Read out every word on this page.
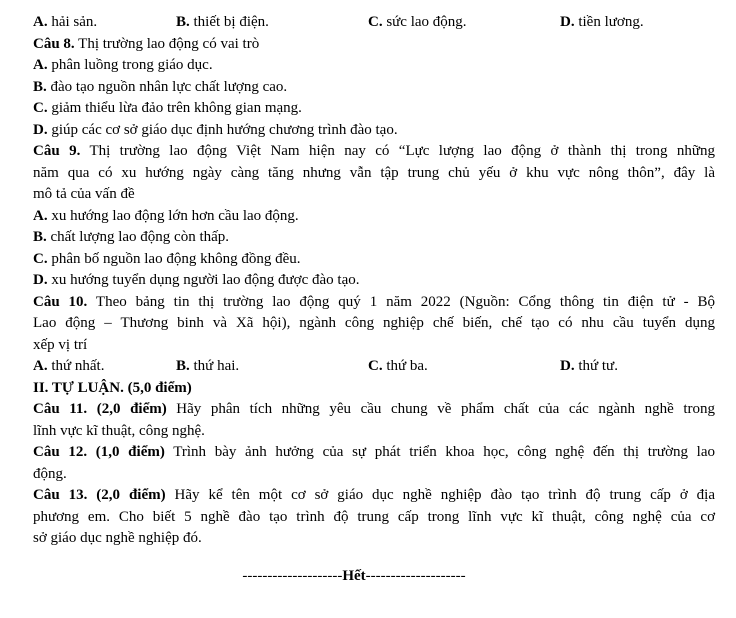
A. hải sản.	B. thiết bị điện.	C. sức lao động.	D. tiền lương.
Câu 8. Thị trường lao động có vai trò
A. phân luồng trong giáo dục.
B. đào tạo nguồn nhân lực chất lượng cao.
C. giảm thiểu lừa đảo trên không gian mạng.
D. giúp các cơ sở giáo dục định hướng chương trình đào tạo.
Câu 9. Thị trường lao động Việt Nam hiện nay có “Lực lượng lao động ở thành thị trong những
năm qua có xu hướng ngày càng tăng nhưng vẫn tập trung chủ yếu ở khu vực nông thôn”, đây là
mô tả của vấn đề
A. xu hướng lao động lớn hơn cầu lao động.
B. chất lượng lao động còn thấp.
C. phân bố nguồn lao động không đồng đều.
D. xu hướng tuyển dụng người lao động được đào tạo.
Câu 10. Theo bảng tin thị trường lao động quý 1 năm 2022 (Nguồn: Cổng thông tin điện tử - Bộ
Lao động – Thương binh và Xã hội), ngành công nghiệp chế biến, chế tạo có nhu cầu tuyển dụng
xếp vị trí
A. thứ nhất.	B. thứ hai.	C. thứ ba.	D. thứ tư.
II. TỰ LUẬN. (5,0 điểm)
Câu 11. (2,0 điểm) Hãy phân tích những yêu cầu chung về phẩm chất của các ngành nghề trong
lĩnh vực kĩ thuật, công nghệ.
Câu 12. (1,0 điểm) Trình bày ảnh hưởng của sự phát triển khoa học, công nghệ đến thị trường lao
động.
Câu 13. (2,0 điểm) Hãy kể tên một cơ sở giáo dục nghề nghiệp đào tạo trình độ trung cấp ở địa
phương em. Cho biết 5 nghề đào tạo trình độ trung cấp trong lĩnh vực kĩ thuật, công nghệ của cơ
sở giáo dục nghề nghiệp đó.
--------------------Hết--------------------
